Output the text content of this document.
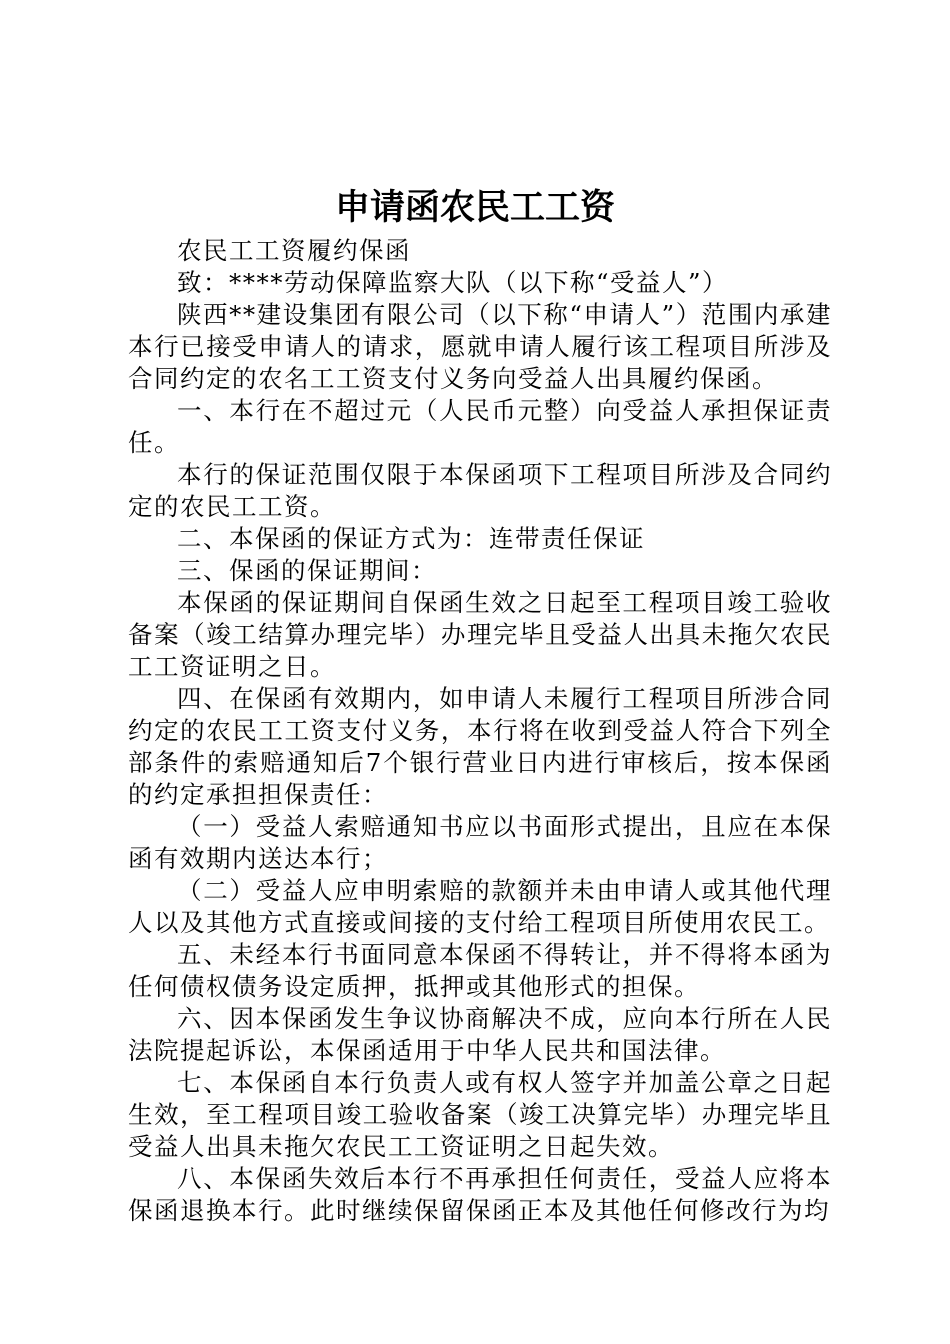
申请函农民工工资

农民工工资履约保函

致：****劳动保障监察大队（以下称“受益人”）

陕西**建设集团有限公司（以下称“申请人”）范围内承建本行已接受申请人的请求，愿就申请人履行该工程项目所涉及合同约定的农名工工资支付义务向受益人出具履约保函。

一、本行在不超过元（人民币元整）向受益人承担保证责任。

本行的保证范围仅限于本保函项下工程项目所涉及合同约定的农民工工资。

二、本保函的保证方式为：连带责任保证

三、保函的保证期间：

本保函的保证期间自保函生效之日起至工程项目竣工验收备案（竣工结算办理完毕）办理完毕且受益人出具未拖欠农民工工资证明之日。

四、在保函有效期内，如申请人未履行工程项目所涉合同约定的农民工工资支付义务，本行将在收到受益人符合下列全部条件的索赔通知后7个银行营业日内进行审核后，按本保函的约定承担担保责任：

（一）受益人索赔通知书应以书面形式提出，且应在本保函有效期内送达本行；

（二）受益人应申明索赔的款额并未由申请人或其他代理人以及其他方式直接或间接的支付给工程项目所使用农民工。

五、未经本行书面同意本保函不得转让，并不得将本函为任何债权债务设定质押，抵押或其他形式的担保。

六、因本保函发生争议协商解决不成，应向本行所在人民法院提起诉讼，本保函适用于中华人民共和国法律。

七、本保函自本行负责人或有权人签字并加盖公章之日起生效，至工程项目竣工验收备案（竣工决算完毕）办理完毕且受益人出具未拖欠农民工工资证明之日起失效。

八、本保函失效后本行不再承担任何责任，受益人应将本保函退换本行。此时继续保留保函正本及其他任何修改行为均
